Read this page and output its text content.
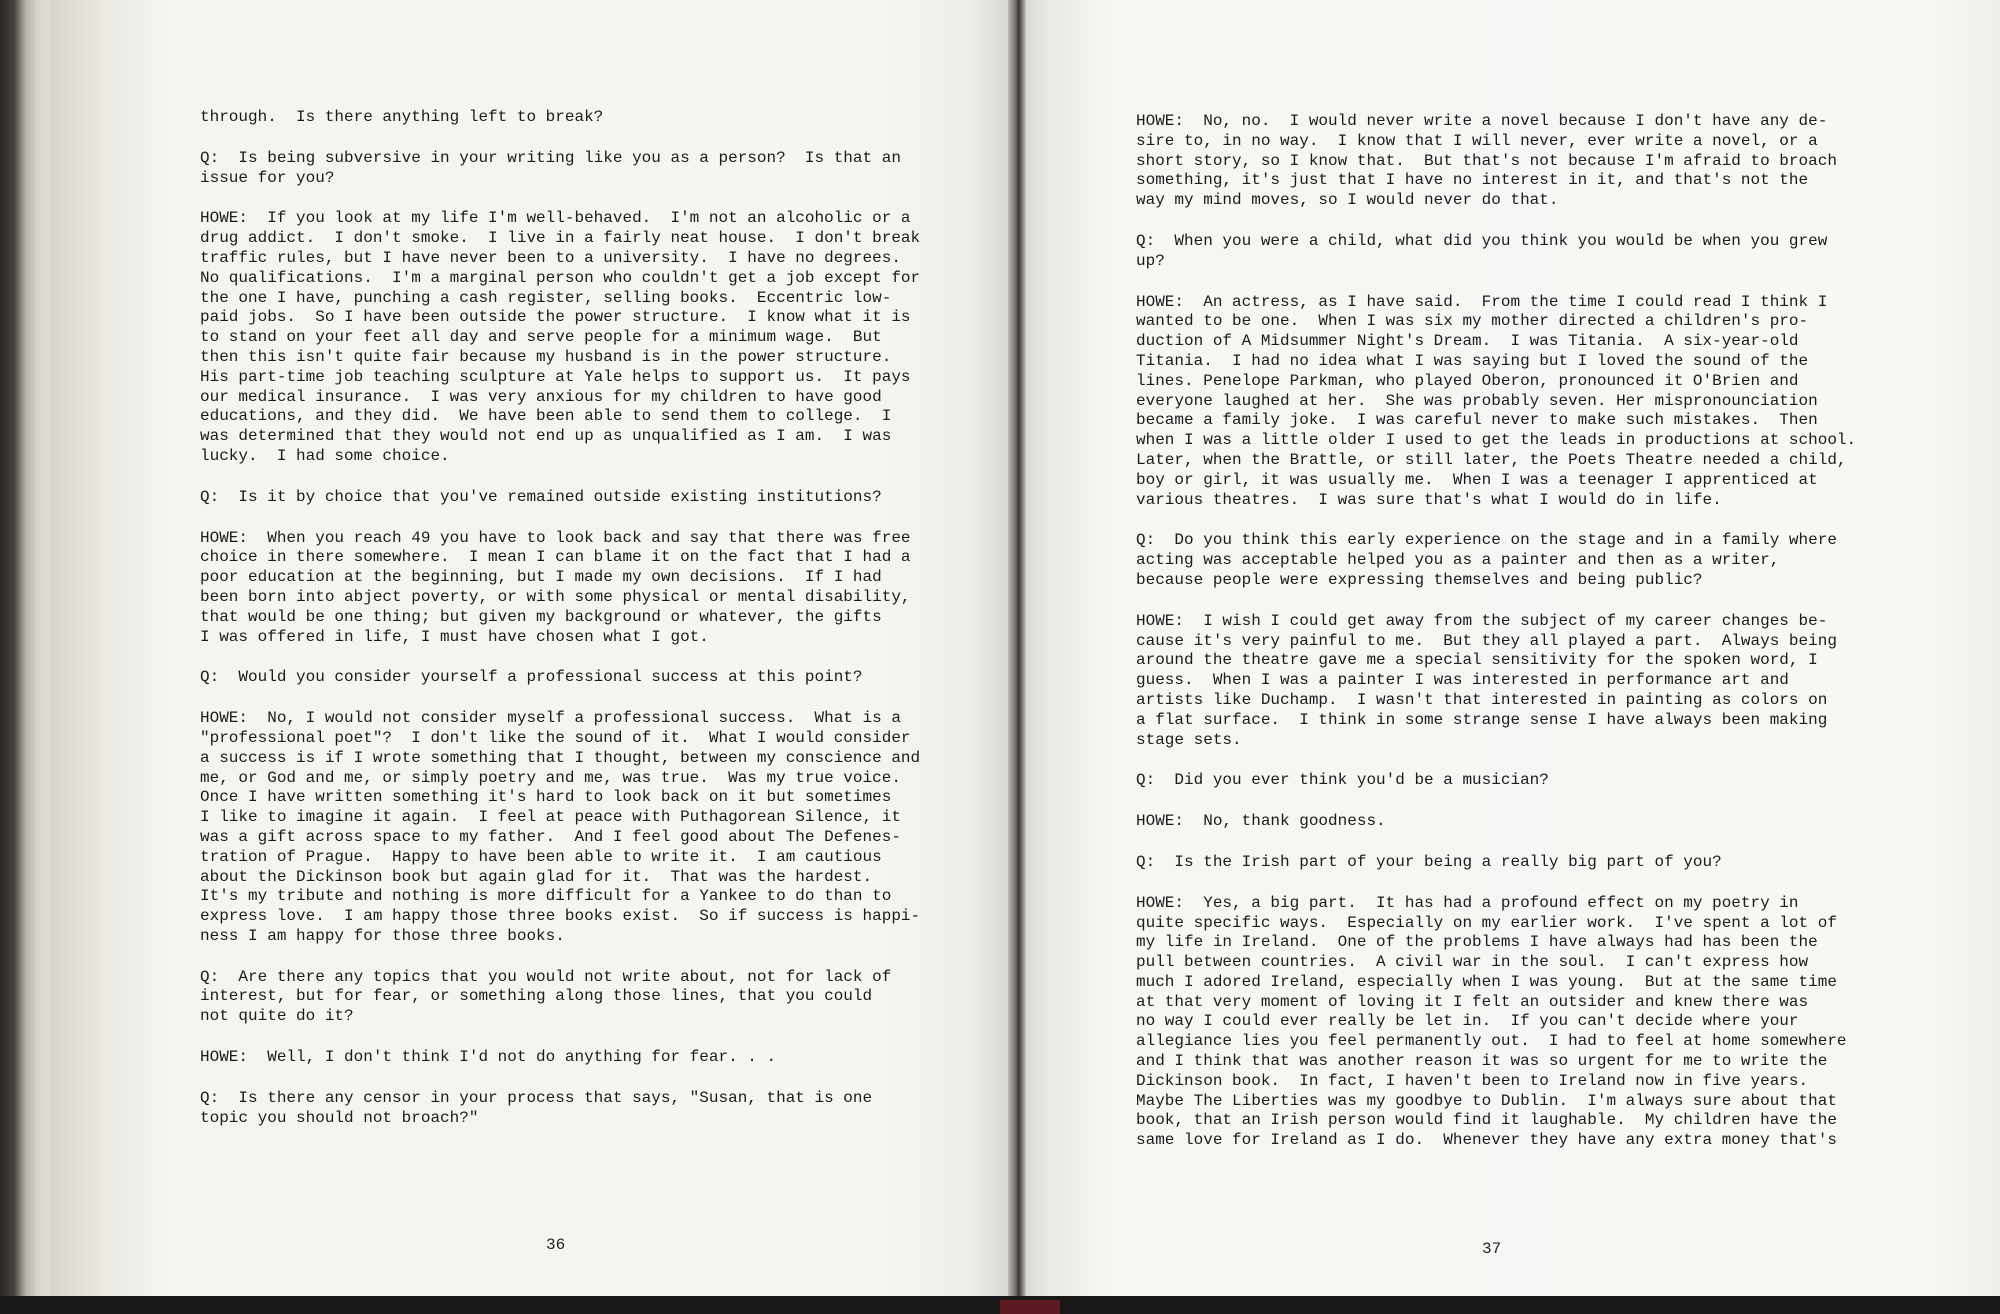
through.  Is there anything left to break?
Q:  Is being subversive in your writing like you as a person?  Is that an
issue for you?
HOWE:  If you look at my life I'm well-behaved.  I'm not an alcoholic or a
drug addict.  I don't smoke.  I live in a fairly neat house.  I don't break
traffic rules, but I have never been to a university.  I have no degrees.
No qualifications.  I'm a marginal person who couldn't get a job except for
the one I have, punching a cash register, selling books.  Eccentric low-
paid jobs.  So I have been outside the power structure.  I know what it is
to stand on your feet all day and serve people for a minimum wage.  But
then this isn't quite fair because my husband is in the power structure.
His part-time job teaching sculpture at Yale helps to support us.  It pays
our medical insurance.  I was very anxious for my children to have good
educations, and they did.  We have been able to send them to college.  I
was determined that they would not end up as unqualified as I am.  I was
lucky.  I had some choice.
Q:  Is it by choice that you've remained outside existing institutions?
HOWE:  When you reach 49 you have to look back and say that there was free
choice in there somewhere.  I mean I can blame it on the fact that I had a
poor education at the beginning, but I made my own decisions.  If I had
been born into abject poverty, or with some physical or mental disability,
that would be one thing; but given my background or whatever, the gifts
I was offered in life, I must have chosen what I got.
Q:  Would you consider yourself a professional success at this point?
HOWE:  No, I would not consider myself a professional success.  What is a
"professional poet"?  I don't like the sound of it.  What I would consider
a success is if I wrote something that I thought, between my conscience and
me, or God and me, or simply poetry and me, was true.  Was my true voice.
Once I have written something it's hard to look back on it but sometimes
I like to imagine it again.  I feel at peace with Puthagorean Silence, it
was a gift across space to my father.  And I feel good about The Defenes-
tration of Prague.  Happy to have been able to write it.  I am cautious
about the Dickinson book but again glad for it.  That was the hardest.
It's my tribute and nothing is more difficult for a Yankee to do than to
express love.  I am happy those three books exist.  So if success is happi-
ness I am happy for those three books.
Q:  Are there any topics that you would not write about, not for lack of
interest, but for fear, or something along those lines, that you could
not quite do it?
HOWE:  Well, I don't think I'd not do anything for fear. . .
Q:  Is there any censor in your process that says, "Susan, that is one
topic you should not broach?"
HOWE:  No, no.  I would never write a novel because I don't have any de-
sire to, in no way.  I know that I will never, ever write a novel, or a
short story, so I know that.  But that's not because I'm afraid to broach
something, it's just that I have no interest in it, and that's not the
way my mind moves, so I would never do that.
Q:  When you were a child, what did you think you would be when you grew
up?
HOWE:  An actress, as I have said.  From the time I could read I think I
wanted to be one.  When I was six my mother directed a children's pro-
duction of A Midsummer Night's Dream.  I was Titania.  A six-year-old
Titania.  I had no idea what I was saying but I loved the sound of the
lines. Penelope Parkman, who played Oberon, pronounced it O'Brien and
everyone laughed at her.  She was probably seven. Her mispronounciation
became a family joke.  I was careful never to make such mistakes.  Then
when I was a little older I used to get the leads in productions at school.
Later, when the Brattle, or still later, the Poets Theatre needed a child,
boy or girl, it was usually me.  When I was a teenager I apprenticed at
various theatres.  I was sure that's what I would do in life.
Q:  Do you think this early experience on the stage and in a family where
acting was acceptable helped you as a painter and then as a writer,
because people were expressing themselves and being public?
HOWE:  I wish I could get away from the subject of my career changes be-
cause it's very painful to me.  But they all played a part.  Always being
around the theatre gave me a special sensitivity for the spoken word, I
guess.  When I was a painter I was interested in performance art and
artists like Duchamp.  I wasn't that interested in painting as colors on
a flat surface.  I think in some strange sense I have always been making
stage sets.
Q:  Did you ever think you'd be a musician?
HOWE:  No, thank goodness.
Q:  Is the Irish part of your being a really big part of you?
HOWE:  Yes, a big part.  It has had a profound effect on my poetry in
quite specific ways.  Especially on my earlier work.  I've spent a lot of
my life in Ireland.  One of the problems I have always had has been the
pull between countries.  A civil war in the soul.  I can't express how
much I adored Ireland, especially when I was young.  But at the same time
at that very moment of loving it I felt an outsider and knew there was
no way I could ever really be let in.  If you can't decide where your
allegiance lies you feel permanently out.  I had to feel at home somewhere
and I think that was another reason it was so urgent for me to write the
Dickinson book.  In fact, I haven't been to Ireland now in five years.
Maybe The Liberties was my goodbye to Dublin.  I'm always sure about that
book, that an Irish person would find it laughable.  My children have the
same love for Ireland as I do.  Whenever they have any extra money that's
36	37
